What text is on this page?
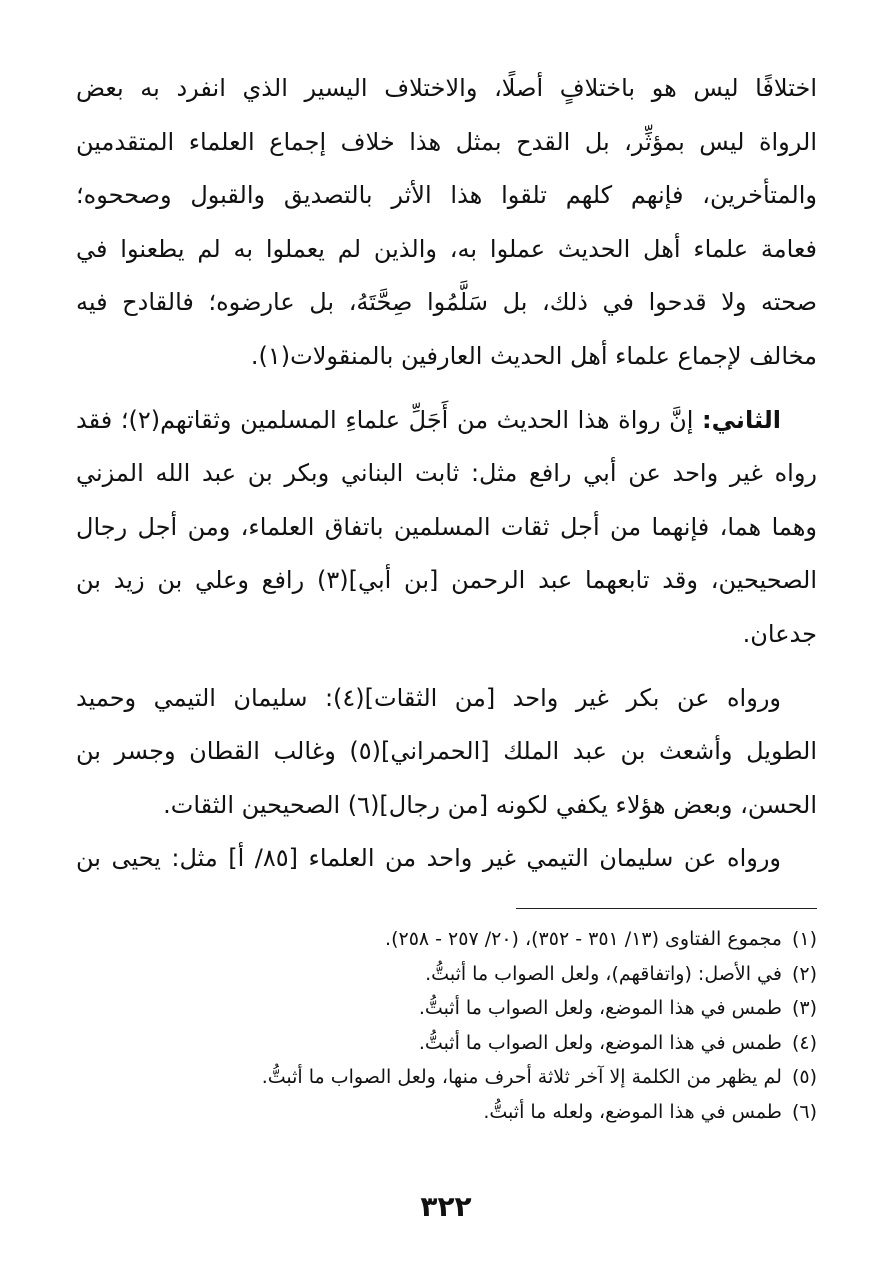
اختلافًا ليس هو باختلافٍ أصلًا، والاختلاف اليسير الذي انفرد به بعض
الرواة ليس بمؤثِّر، بل القدح بمثل هذا خلاف إجماع العلماء المتقدمين
والمتأخرين، فإنهم كلهم تلقوا هذا الأثر بالتصديق والقبول وصححوه؛
فعامة علماء أهل الحديث عملوا به، والذين لم يعملوا به لم يطعنوا في
صحته ولا قدحوا في ذلك، بل سَلَّمُوا صِحَّتَهُ، بل عارضوه؛ فالقادح فيه
مخالف لإجماع علماء أهل الحديث العارفين بالمنقولات(١).
الثاني: إنَّ رواة هذا الحديث من أَجَلِّ علماءِ المسلمين وثقاتهم(٢)؛ فقد
رواه غير واحد عن أبي رافع مثل: ثابت البناني وبكر بن عبد الله المزني
وهما هما، فإنهما من أجل ثقات المسلمين باتفاق العلماء، ومن أجل رجال
الصحيحين، وقد تابعهما عبد الرحمن [بن أبي](٣) رافع وعلي بن زيد بن
جدعان.
ورواه عن بكر غير واحد [من الثقات](٤): سليمان التيمي وحميد
الطويل وأشعث بن عبد الملك [الحمراني](٥) وغالب القطان وجسر بن
الحسن، وبعض هؤلاء يكفي لكونه [من رجال](٦) الصحيحين الثقات.
ورواه عن سليمان التيمي غير واحد من العلماء [٨٥/ أ] مثل: يحيى بن
(١)مجموع الفتاوى (١٣/ ٣٥١ - ٣٥٢)، (٢٠/ ٢٥٧ - ٢٥٨).
(٢)في الأصل: (واتفاقهم)، ولعل الصواب ما أثبتُّ.
(٣)طمس في هذا الموضع، ولعل الصواب ما أثبتُّ.
(٤)طمس في هذا الموضع، ولعل الصواب ما أثبتُّ.
(٥)لم يظهر من الكلمة إلا آخر ثلاثة أحرف منها، ولعل الصواب ما أثبتُّ.
(٦)طمس في هذا الموضع، ولعله ما أثبتُّ.
٣٢٢
